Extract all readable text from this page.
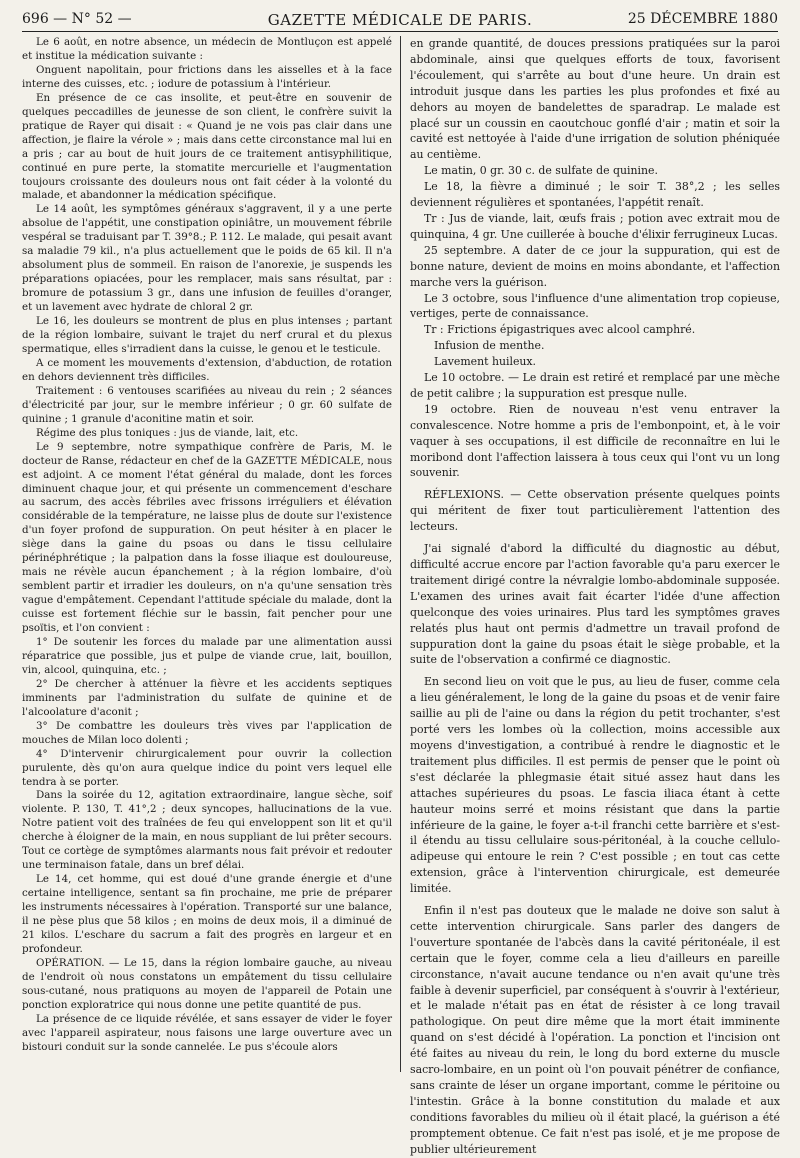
696 — N° 52 —	GAZETTE MÉDICALE DE PARIS.	25 DÉCEMBRE 1880

Le 6 août, en notre absence, un médecin de Montluçon est appelé et institue la médication suivante :

Onguent napolitain, pour frictions dans les aisselles et à la face interne des cuisses, etc. ; iodure de potassium à l'intérieur.

En présence de ce cas insolite, et peut-être en souvenir de quelques peccadilles de jeunesse de son client, le confrère suivit la pratique de Rayer qui disait : « Quand je ne vois pas clair dans une affection, je flaire la vérole » ; mais dans cette circonstance mal lui en a pris ; car au bout de huit jours de ce traitement antisyphilitique, continué en pure perte, la stomatite mercurielle et l'augmentation toujours croissante des douleurs nous ont fait céder à la volonté du malade, et abandonner la médication spécifique.

Le 14 août, les symptômes généraux s'aggravent, il y a une perte absolue de l'appétit, une constipation opiniâtre, un mouvement fébrile vespéral se traduisant par T. 39°8.; P. 112. Le malade, qui pesait avant sa maladie 79 kil., n'a plus actuellement que le poids de 65 kil. Il n'a absolument plus de sommeil. En raison de l'anorexie, je suspends les préparations opiacées, pour les remplacer, mais sans résultat, par : bromure de potassium 3 gr., dans une infusion de feuilles d'oranger, et un lavement avec hydrate de chloral 2 gr.

Le 16, les douleurs se montrent de plus en plus intenses ; partant de la région lombaire, suivant le trajet du nerf crural et du plexus spermatique, elles s'irradient dans la cuisse, le genou et le testicule.

A ce moment les mouvements d'extension, d'abduction, de rotation en dehors deviennent très difficiles.

Traitement : 6 ventouses scarifiées au niveau du rein ; 2 séances d'électricité par jour, sur le membre inférieur ; 0 gr. 60 sulfate de quinine ; 1 granule d'aconitine matin et soir.

Régime des plus toniques : jus de viande, lait, etc.

Le 9 septembre, notre sympathique confrère de Paris, M. le docteur de Ranse, rédacteur en chef de la GAZETTE MÉDICALE, nous est adjoint. A ce moment l'état général du malade, dont les forces diminuent chaque jour, et qui présente un commencement d'eschare au sacrum, des accès fébriles avec frissons irréguliers et élévation considérable de la température, ne laisse plus de doute sur l'existence d'un foyer profond de suppuration. On peut hésiter à en placer le siège dans la gaine du psoas ou dans le tissu cellulaire périnéphrétique ; la palpation dans la fosse iliaque est douloureuse, mais ne révèle aucun épanchement ; à la région lombaire, d'où semblent partir et irradier les douleurs, on n'a qu'une sensation très vague d'empâtement. Cependant l'attitude spéciale du malade, dont la cuisse est fortement fléchie sur le bassin, fait pencher pour une psoïtis, et l'on convient :

1° De soutenir les forces du malade par une alimentation aussi réparatrice que possible, jus et pulpe de viande crue, lait, bouillon, vin, alcool, quinquina, etc. ;

2° De chercher à atténuer la fièvre et les accidents septiques imminents par l'administration du sulfate de quinine et de l'alcoolature d'aconit ;

3° De combattre les douleurs très vives par l'application de mouches de Milan loco dolenti ;

4° D'intervenir chirurgicalement pour ouvrir la collection purulente, dès qu'on aura quelque indice du point vers lequel elle tendra à se porter.

Dans la soirée du 12, agitation extraordinaire, langue sèche, soif violente. P. 130, T. 41°,2 ; deux syncopes, hallucinations de la vue. Notre patient voit des traînées de feu qui enveloppent son lit et qu'il cherche à éloigner de la main, en nous suppliant de lui prêter secours. Tout ce cortège de symptômes alarmants nous fait prévoir et redouter une terminaison fatale, dans un bref délai.

Le 14, cet homme, qui est doué d'une grande énergie et d'une certaine intelligence, sentant sa fin prochaine, me prie de préparer les instruments nécessaires à l'opération. Transporté sur une balance, il ne pèse plus que 58 kilos ; en moins de deux mois, il a diminué de 21 kilos. L'eschare du sacrum a fait des progrès en largeur et en profondeur.

OPÉRATION. — Le 15, dans la région lombaire gauche, au niveau de l'endroit où nous constatons un empâtement du tissu cellulaire sous-cutané, nous pratiquons au moyen de l'appareil de Potain une ponction exploratrice qui nous donne une petite quantité de pus.

La présence de ce liquide révélée, et sans essayer de vider le foyer avec l'appareil aspirateur, nous faisons une large ouverture avec un bistouri conduit sur la sonde cannelée. Le pus s'écoule alors

en grande quantité, de douces pressions pratiquées sur la paroi abdominale, ainsi que quelques efforts de toux, favorisent l'écoulement, qui s'arrête au bout d'une heure. Un drain est introduit jusque dans les parties les plus profondes et fixé au dehors au moyen de bandelettes de sparadrap. Le malade est placé sur un coussin en caoutchouc gonflé d'air ; matin et soir la cavité est nettoyée à l'aide d'une irrigation de solution phéniquée au centième.

Le matin, 0 gr. 30 c. de sulfate de quinine.

Le 18, la fièvre a diminué ; le soir T. 38°,2 ; les selles deviennent régulières et spontanées, l'appétit renaît.

Tr : Jus de viande, lait, œufs frais ; potion avec extrait mou de quinquina, 4 gr. Une cuillerée à bouche d'élixir ferrugineux Lucas.

25 septembre. A dater de ce jour la suppuration, qui est de bonne nature, devient de moins en moins abondante, et l'affection marche vers la guérison.

Le 3 octobre, sous l'influence d'une alimentation trop copieuse, vertiges, perte de connaissance.

Tr : Frictions épigastriques avec alcool camphré.

Infusion de menthe.

Lavement huileux.

Le 10 octobre. — Le drain est retiré et remplacé par une mèche de petit calibre ; la suppuration est presque nulle.

19 octobre. Rien de nouveau n'est venu entraver la convalescence. Notre homme a pris de l'embonpoint, et, à le voir vaquer à ses occupations, il est difficile de reconnaître en lui le moribond dont l'affection laissera à tous ceux qui l'ont vu un long souvenir.

RÉFLEXIONS. — Cette observation présente quelques points qui méritent de fixer tout particulièrement l'attention des lecteurs.

J'ai signalé d'abord la difficulté du diagnostic au début, difficulté accrue encore par l'action favorable qu'a paru exercer le traitement dirigé contre la névralgie lombo-abdominale supposée. L'examen des urines avait fait écarter l'idée d'une affection quelconque des voies urinaires. Plus tard les symptômes graves relatés plus haut ont permis d'admettre un travail profond de suppuration dont la gaine du psoas était le siège probable, et la suite de l'observation a confirmé ce diagnostic.

En second lieu on voit que le pus, au lieu de fuser, comme cela a lieu généralement, le long de la gaine du psoas et de venir faire saillie au pli de l'aine ou dans la région du petit trochanter, s'est porté vers les lombes où la collection, moins accessible aux moyens d'investigation, a contribué à rendre le diagnostic et le traitement plus difficiles. Il est permis de penser que le point où s'est déclarée la phlegmasie était situé assez haut dans les attaches supérieures du psoas. Le fascia iliaca étant à cette hauteur moins serré et moins résistant que dans la partie inférieure de la gaine, le foyer a-t-il franchi cette barrière et s'est-il étendu au tissu cellulaire sous-péritonéal, à la couche cellulo-adipeuse qui entoure le rein ? C'est possible ; en tout cas cette extension, grâce à l'intervention chirurgicale, est demeurée limitée.

Enfin il n'est pas douteux que le malade ne doive son salut à cette intervention chirurgicale. Sans parler des dangers de l'ouverture spontanée de l'abcès dans la cavité péritonéale, il est certain que le foyer, comme cela a lieu d'ailleurs en pareille circonstance, n'avait aucune tendance ou n'en avait qu'une très faible à devenir superficiel, par conséquent à s'ouvrir à l'extérieur, et le malade n'était pas en état de résister à ce long travail pathologique. On peut dire même que la mort était imminente quand on s'est décidé à l'opération. La ponction et l'incision ont été faites au niveau du rein, le long du bord externe du muscle sacro-lombaire, en un point où l'on pouvait pénétrer de confiance, sans crainte de léser un organe important, comme le péritoine ou l'intestin. Grâce à la bonne constitution du malade et aux conditions favorables du milieu où il était placé, la guérison a été promptement obtenue. Ce fait n'est pas isolé, et je me propose de publier ultérieurement
